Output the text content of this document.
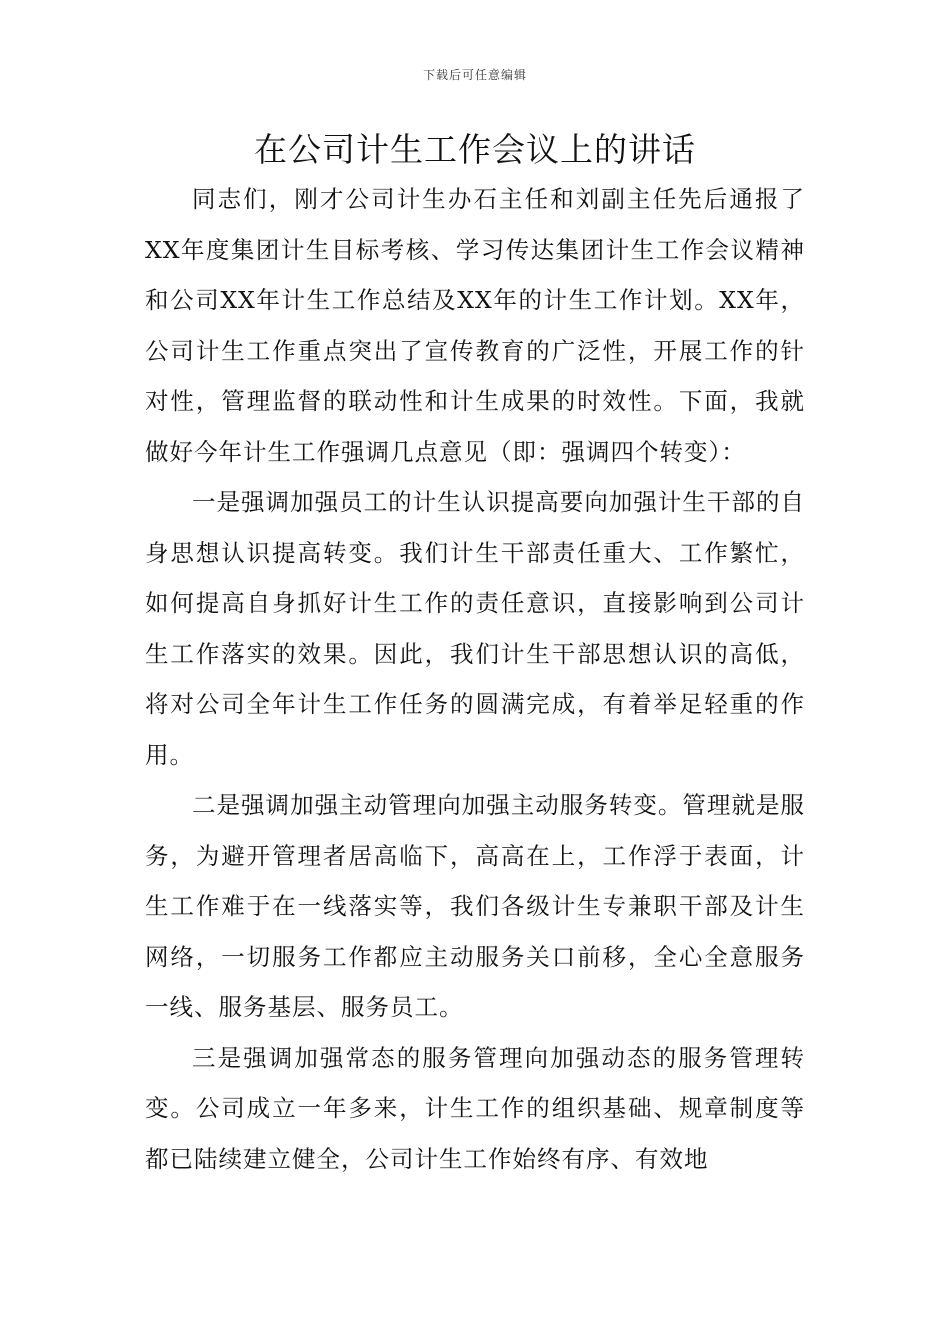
下载后可任意编辑
在公司计生工作会议上的讲话

同志们，刚才公司计生办石主任和刘副主任先后通报了XX年度集团计生目标考核、学习传达集团计生工作会议精神和公司XX年计生工作总结及XX年的计生工作计划。XX年，公司计生工作重点突出了宣传教育的广泛性，开展工作的针对性，管理监督的联动性和计生成果的时效性。下面，我就做好今年计生工作强调几点意见（即：强调四个转变）：

一是强调加强员工的计生认识提高要向加强计生干部的自身思想认识提高转变。我们计生干部责任重大、工作繁忙，如何提高自身抓好计生工作的责任意识，直接影响到公司计生工作落实的效果。因此，我们计生干部思想认识的高低，将对公司全年计生工作任务的圆满完成，有着举足轻重的作用。

二是强调加强主动管理向加强主动服务转变。管理就是服务，为避开管理者居高临下，高高在上，工作浮于表面，计生工作难于在一线落实等，我们各级计生专兼职干部及计生网络，一切服务工作都应主动服务关口前移，全心全意服务一线、服务基层、服务员工。

三是强调加强常态的服务管理向加强动态的服务管理转变。公司成立一年多来，计生工作的组织基础、规章制度等都已陆续建立健全，公司计生工作始终有序、有效地
